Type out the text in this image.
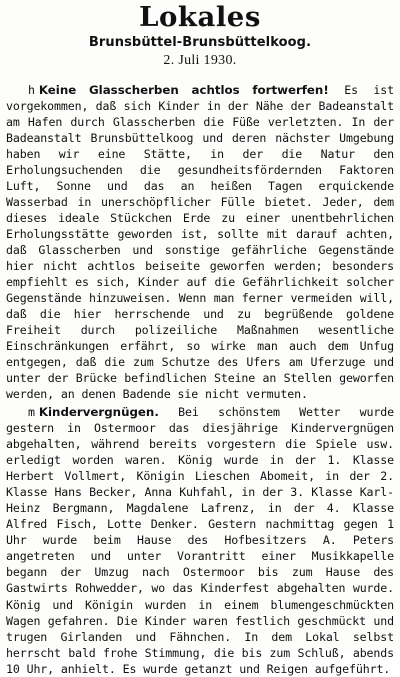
Lokales
Brunsbüttel-Brunsbüttelkoog.
2. Juli 1930.

h Keine Glasscherben achtlos fortwerfen! Es ist vorgekommen, daß sich Kinder in der Nähe der Badeanstalt am Hafen durch Glasscherben die Füße verletzten. In der Badeanstalt Brunsbüttelkoog und deren nächster Umgebung haben wir eine Stätte, in der die Natur den Erholungsuchenden die gesundheitsfördernden Faktoren Luft, Sonne und das an heißen Tagen erquickende Wasserbad in unerschöpflicher Fülle bietet. Jeder, dem dieses ideale Stückchen Erde zu einer unentbehrlichen Erholungsstätte geworden ist, sollte mit darauf achten, daß Glasscherben und sonstige gefährliche Gegenstände hier nicht achtlos beiseite geworfen werden; besonders empfiehlt es sich, Kinder auf die Gefährlichkeit solcher Gegenstände hinzuweisen. Wenn man ferner vermeiden will, daß die hier herrschende und zu begrüßende goldene Freiheit durch polizeiliche Maßnahmen wesentliche Einschränkungen erfährt, so wirke man auch dem Unfug entgegen, daß die zum Schutze des Ufers am Uferzuge und unter der Brücke befindlichen Steine an Stellen geworfen werden, an denen Badende sie nicht vermuten.

m Kindervergnügen. Bei schönstem Wetter wurde gestern in Ostermoor das diesjährige Kindervergnügen abgehalten, während bereits vorgestern die Spiele usw. erledigt worden waren. König wurde in der 1. Klasse Herbert Vollmert, Königin Lieschen Abomeit, in der 2. Klasse Hans Becker, Anna Kuhfahl, in der 3. Klasse Karl-Heinz Bergmann, Magdalene Lafrenz, in der 4. Klasse Alfred Fisch, Lotte Denker. Gestern nachmittag gegen 1 Uhr wurde beim Hause des Hofbesitzers A. Peters angetreten und unter Vorantritt einer Musikkapelle begann der Umzug nach Ostermoor bis zum Hause des Gastwirts Rohwedder, wo das Kinderfest abgehalten wurde. König und Königin wurden in einem blumengeschmückten Wagen gefahren. Die Kinder waren festlich geschmückt und trugen Girlanden und Fähnchen. In dem Lokal selbst herrscht bald frohe Stimmung, die bis zum Schluß, abends 10 Uhr, anhielt. Es wurde getanzt und Reigen aufgeführt.
